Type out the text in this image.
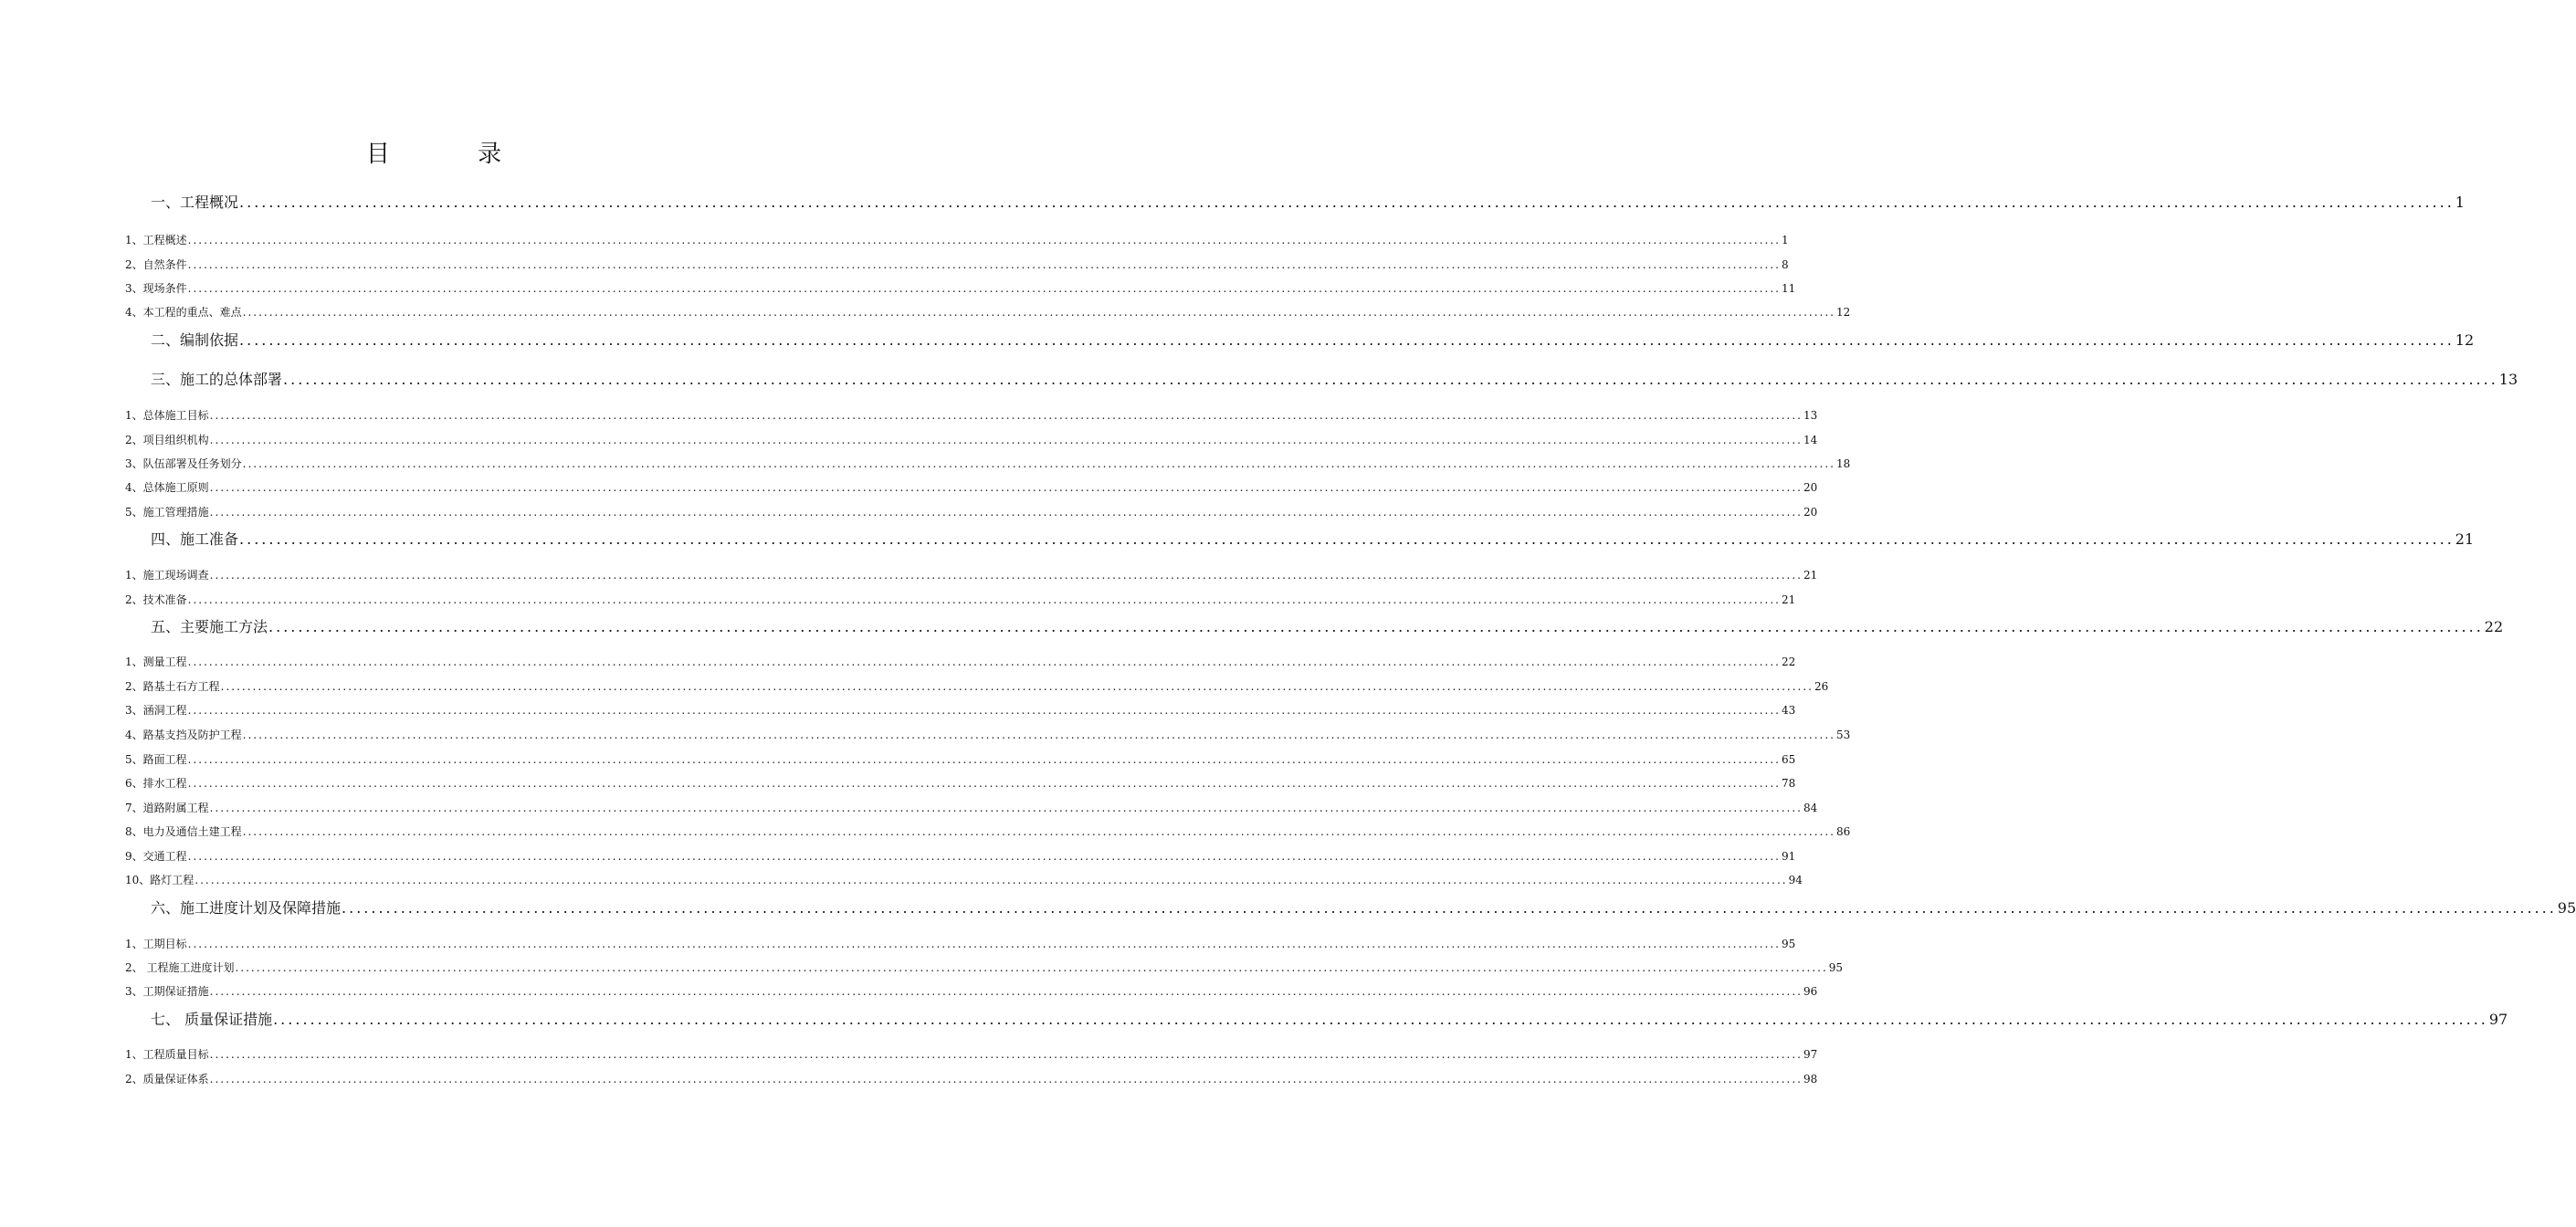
目 录
一、工程概况 ............................................................................................................................................................................................................................................................................................................ 1
1、工程概述 ............................................................................................................................................................................................................................................................................................................ 1
2、自然条件 ............................................................................................................................................................................................................................................................................................................ 8
3、现场条件 ............................................................................................................................................................................................................................................................................................................ 11
4、本工程的重点、难点 ............................................................................................................................................................................................................................................................................................................ 12
二、编制依据 ............................................................................................................................................................................................................................................................................................................ 12
三、施工的总体部署 ............................................................................................................................................................................................................................................................................................................ 13
1、总体施工目标 ............................................................................................................................................................................................................................................................................................................ 13
2、项目组织机构 ............................................................................................................................................................................................................................................................................................................ 14
3、队伍部署及任务划分 ............................................................................................................................................................................................................................................................................................................ 18
4、总体施工原则 ............................................................................................................................................................................................................................................................................................................ 20
5、施工管理措施 ............................................................................................................................................................................................................................................................................................................ 20
四、施工准备 ............................................................................................................................................................................................................................................................................................................ 21
1、施工现场调查 ............................................................................................................................................................................................................................................................................................................ 21
2、技术准备 ............................................................................................................................................................................................................................................................................................................ 21
五、主要施工方法 ............................................................................................................................................................................................................................................................................................................ 22
1、测量工程 ............................................................................................................................................................................................................................................................................................................ 22
2、路基土石方工程 ............................................................................................................................................................................................................................................................................................................ 26
3、涵洞工程 ............................................................................................................................................................................................................................................................................................................ 43
4、路基支挡及防护工程 ............................................................................................................................................................................................................................................................................................................ 53
5、路面工程 ............................................................................................................................................................................................................................................................................................................ 65
6、排水工程 ............................................................................................................................................................................................................................................................................................................ 78
7、道路附属工程 ............................................................................................................................................................................................................................................................................................................ 84
8、电力及通信土建工程 ............................................................................................................................................................................................................................................................................................................ 86
9、交通工程 ............................................................................................................................................................................................................................................................................................................ 91
10、路灯工程 ............................................................................................................................................................................................................................................................................................................ 94
六、施工进度计划及保障措施 ............................................................................................................................................................................................................................................................................................................ 95
1、工期目标 ............................................................................................................................................................................................................................................................................................................ 95
2、 工程施工进度计划 ............................................................................................................................................................................................................................................................................................................ 95
3、工期保证措施 ............................................................................................................................................................................................................................................................................................................ 96
七、 质量保证措施 ............................................................................................................................................................................................................................................................................................................ 97
1、工程质量目标 ............................................................................................................................................................................................................................................................................................................ 97
2、质量保证体系 ............................................................................................................................................................................................................................................................................................................ 98
